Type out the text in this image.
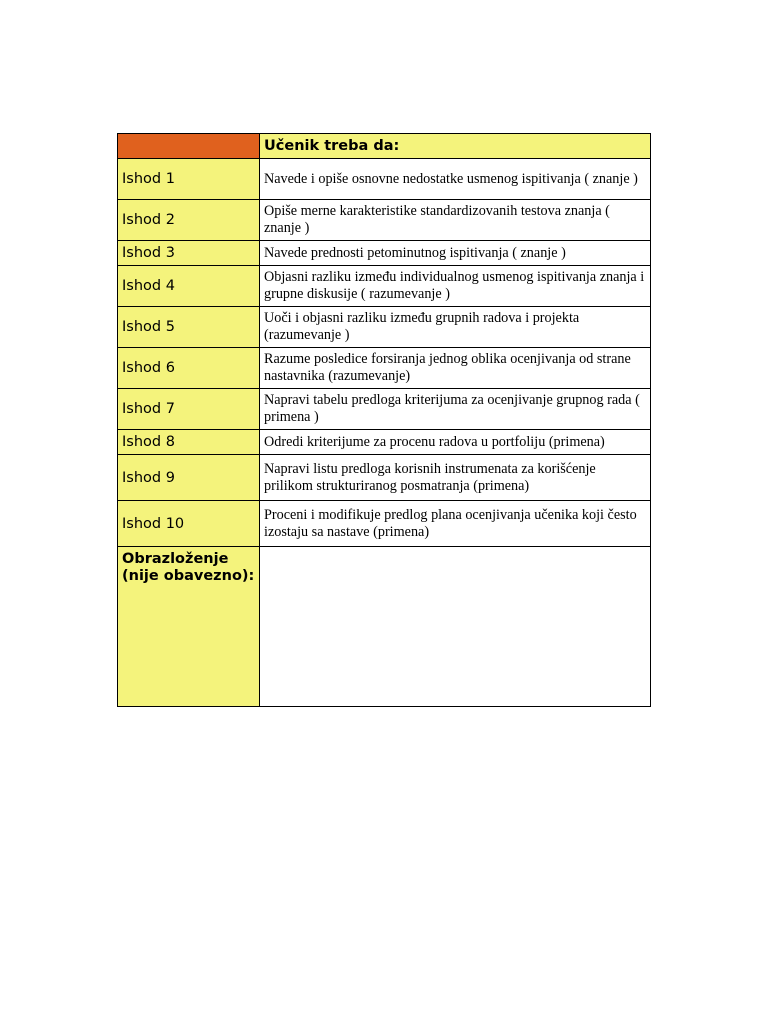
	Učenik treba da:
Ishod 1	Navede i opiše osnovne nedostatke usmenog ispitivanja ( znanje )
Ishod 2	Opiše merne karakteristike standardizovanih testova znanja ( znanje )
Ishod 3	Navede prednosti petominutnog ispitivanja ( znanje )
Ishod 4	Objasni razliku između individualnog usmenog ispitivanja znanja i grupne diskusije ( razumevanje )
Ishod 5	Uoči i objasni razliku između grupnih radova i projekta (razumevanje )
Ishod 6	Razume posledice forsiranja jednog oblika ocenjivanja od strane nastavnika (razumevanje)
Ishod 7	Napravi tabelu predloga kriterijuma za ocenjivanje grupnog rada ( primena )
Ishod 8	Odredi kriterijume za procenu radova u portfoliju (primena)
Ishod 9	Napravi listu predloga korisnih instrumenata za korišćenje prilikom strukturiranog posmatranja (primena)
Ishod 10	Proceni i modifikuje predlog plana ocenjivanja učenika koji često izostaju sa nastave (primena)
Obrazloženje (nije obavezno):	
